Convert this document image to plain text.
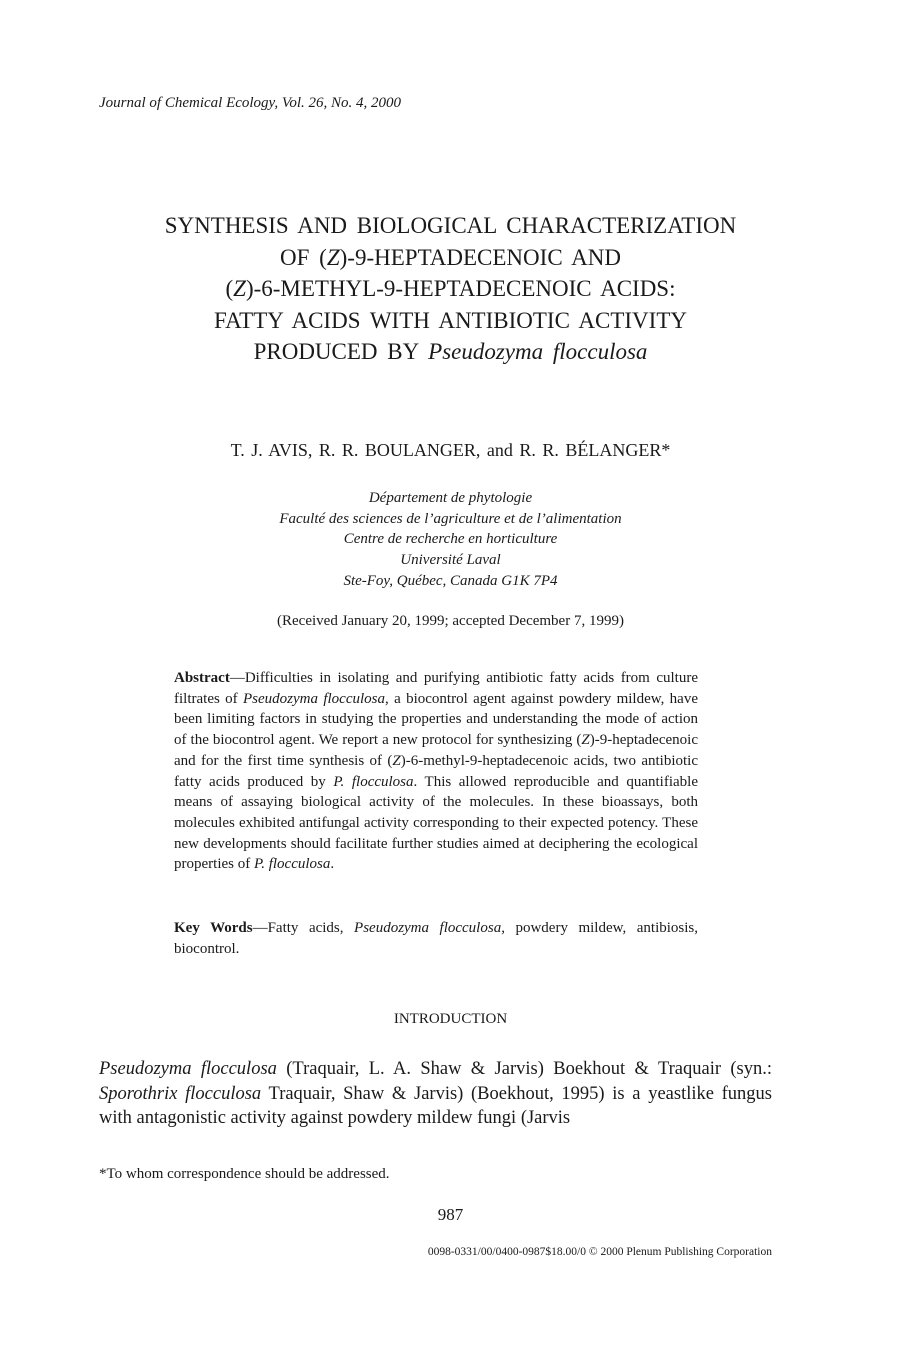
Journal of Chemical Ecology, Vol. 26, No. 4, 2000
SYNTHESIS AND BIOLOGICAL CHARACTERIZATION
OF (Z)-9-HEPTADECENOIC AND
(Z)-6-METHYL-9-HEPTADECENOIC ACIDS:
FATTY ACIDS WITH ANTIBIOTIC ACTIVITY
PRODUCED BY Pseudozyma flocculosa
T. J. AVIS, R. R. BOULANGER, and R. R. BÉLANGER*
Département de phytologie
Faculté des sciences de l’agriculture et de l’alimentation
Centre de recherche en horticulture
Université Laval
Ste-Foy, Québec, Canada G1K 7P4
(Received January 20, 1999; accepted December 7, 1999)
Abstract—Difficulties in isolating and purifying antibiotic fatty acids from culture filtrates of Pseudozyma flocculosa, a biocontrol agent against powdery mildew, have been limiting factors in studying the properties and understanding the mode of action of the biocontrol agent. We report a new protocol for synthesizing (Z)-9-heptadecenoic and for the first time synthesis of (Z)-6-methyl-9-heptadecenoic acids, two antibiotic fatty acids produced by P. flocculosa. This allowed reproducible and quantifiable means of assaying biological activity of the molecules. In these bioassays, both molecules exhibited antifungal activity corresponding to their expected potency. These new developments should facilitate further studies aimed at deciphering the ecological properties of P. flocculosa.
Key Words—Fatty acids, Pseudozyma flocculosa, powdery mildew, antibiosis, biocontrol.
INTRODUCTION
Pseudozyma flocculosa (Traquair, L. A. Shaw & Jarvis) Boekhout & Traquair (syn.: Sporothrix flocculosa Traquair, Shaw & Jarvis) (Boekhout, 1995) is a yeastlike fungus with antagonistic activity against powdery mildew fungi (Jarvis
*To whom correspondence should be addressed.
987
0098-0331/00/0400-0987$18.00/0 © 2000 Plenum Publishing Corporation
